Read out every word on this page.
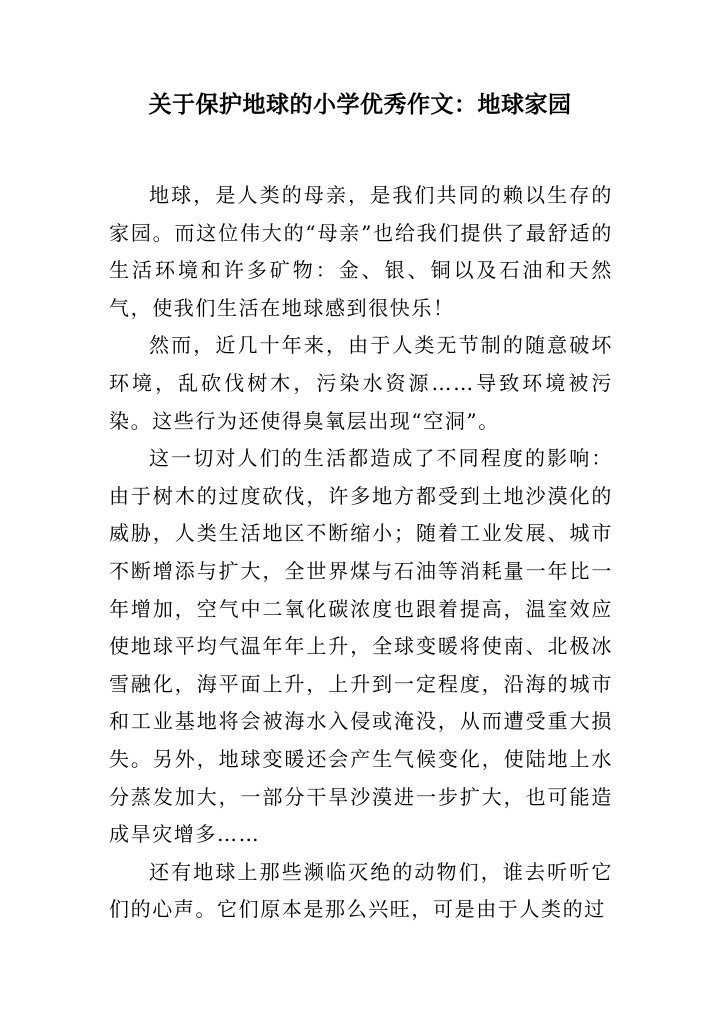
关于保护地球的小学优秀作文：地球家园

地球，是人类的母亲，是我们共同的赖以生存的家园。而这位伟大的“母亲”也给我们提供了最舒适的生活环境和许多矿物：金、银、铜以及石油和天然气，使我们生活在地球感到很快乐！

然而，近几十年来，由于人类无节制的随意破坏环境，乱砍伐树木，污染水资源……导致环境被污染。这些行为还使得臭氧层出现“空洞”。

这一切对人们的生活都造成了不同程度的影响：由于树木的过度砍伐，许多地方都受到土地沙漠化的威胁，人类生活地区不断缩小；随着工业发展、城市不断增添与扩大，全世界煤与石油等消耗量一年比一年增加，空气中二氧化碳浓度也跟着提高，温室效应使地球平均气温年年上升，全球变暖将使南、北极冰雪融化，海平面上升，上升到一定程度，沿海的城市和工业基地将会被海水入侵或淹没，从而遭受重大损失。另外，地球变暖还会产生气候变化，使陆地上水分蒸发加大，一部分干旱沙漠进一步扩大，也可能造成旱灾增多……

还有地球上那些濒临灭绝的动物们，谁去听听它们的心声。它们原本是那么兴旺，可是由于人类的过
